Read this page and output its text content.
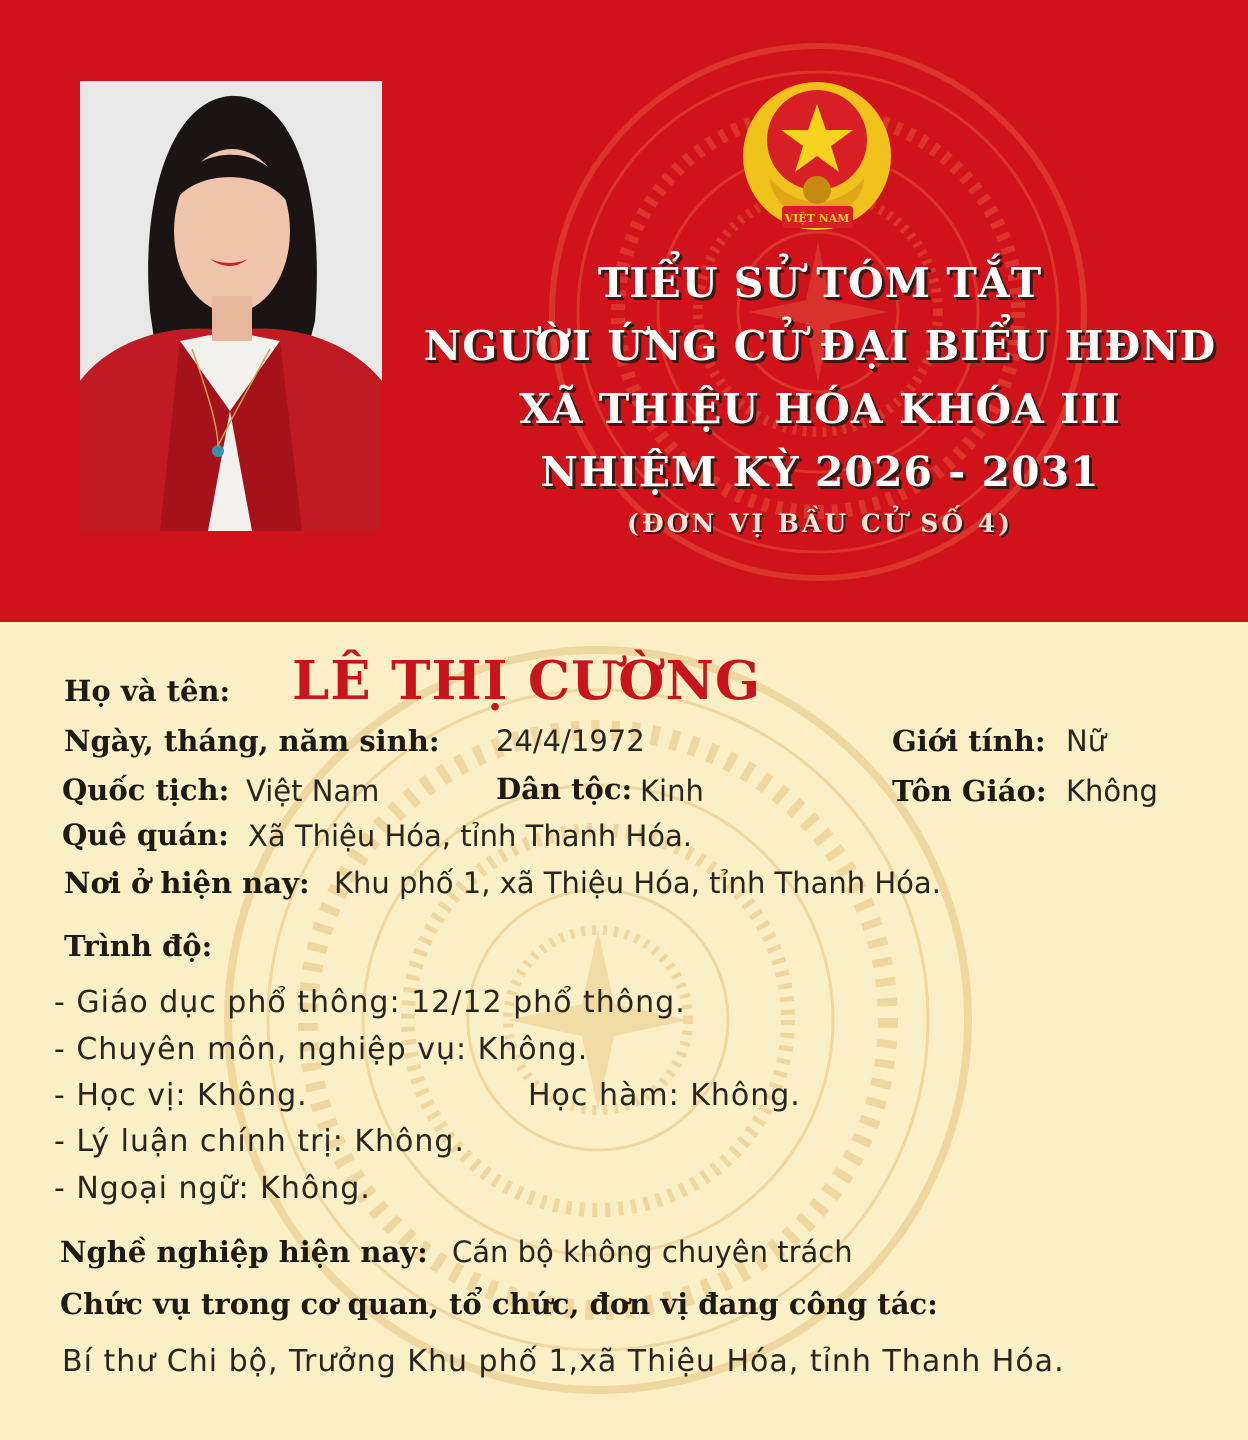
VIỆT NAM
TIỂU SỬ TÓM TẮT
NGƯỜI ỨNG CỬ ĐẠI BIỂU HĐND
XÃ THIỆU HÓA KHÓA III
NHIỆM KỲ 2026 - 2031
(ĐƠN VỊ BẦU CỬ SỐ 4)
Họ và tên: LÊ THỊ CƯỜNG
Ngày, tháng, năm sinh: 24/4/1972	Giới tính: Nữ
Quốc tịch: Việt Nam	Dân tộc: Kinh	Tôn Giáo: Không
Quê quán: Xã Thiệu Hóa, tỉnh Thanh Hóa.
Nơi ở hiện nay: Khu phố 1, xã Thiệu Hóa, tỉnh Thanh Hóa.
Trình độ:
- Giáo dục phổ thông: 12/12 phổ thông.
- Chuyên môn, nghiệp vụ: Không.
- Học vị: Không.	Học hàm: Không.
- Lý luận chính trị: Không.
- Ngoại ngữ: Không.
Nghề nghiệp hiện nay: Cán bộ không chuyên trách
Chức vụ trong cơ quan, tổ chức, đơn vị đang công tác:
Bí thư Chi bộ, Trưởng Khu phố 1,xã Thiệu Hóa, tỉnh Thanh Hóa.
